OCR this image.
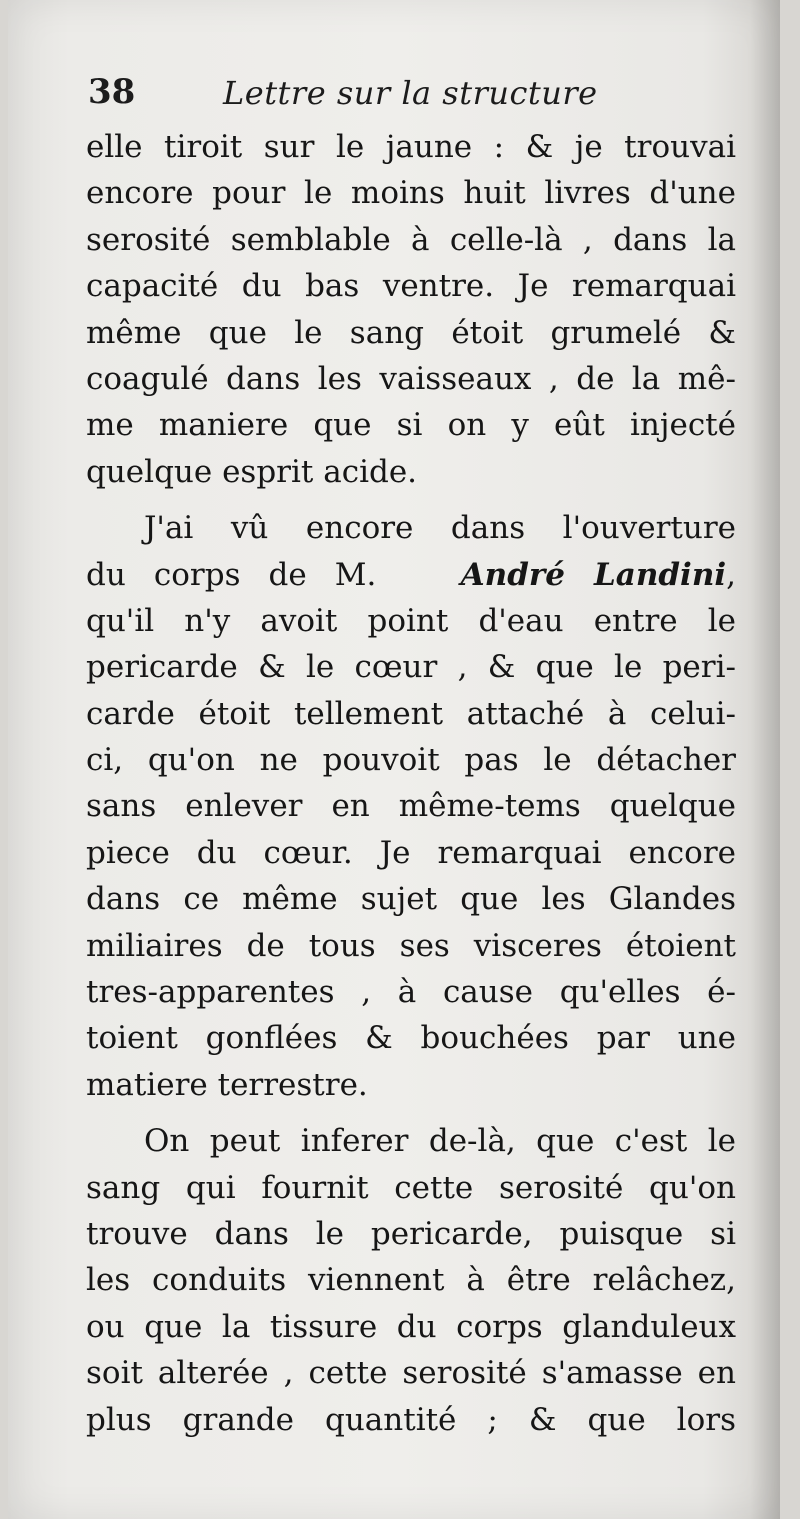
38	Lettre sur la structure
elle tiroit sur le jaune : & je trouvai
encore pour le moins huit livres d'une
serosité semblable à celle-là , dans la
capacité du bas ventre. Je remarquai
même que le sang étoit grumelé &
coagulé dans les vaisseaux , de la mê-
me maniere que si on y eût injecté
quelque esprit acide.
J'ai vû encore dans l'ouverture
du corps de M.	André Landini,
qu'il n'y avoit point d'eau entre le
pericarde & le cœur , & que le peri-
carde étoit tellement attaché à celui-
ci, qu'on ne pouvoit pas le détacher
sans enlever en même-tems quelque
piece du cœur. Je remarquai encore
dans ce même sujet que les Glandes
miliaires de tous ses visceres étoient
tres-apparentes , à cause qu'elles é-
toient gonflées & bouchées par une
matiere terrestre.
On peut inferer de-là, que c'est le
sang qui fournit cette serosité qu'on
trouve dans le pericarde, puisque si
les conduits viennent à être relâchez,
ou que la tissure du corps glanduleux
soit alterée , cette serosité s'amasse en
plus grande quantité ; & que lors
